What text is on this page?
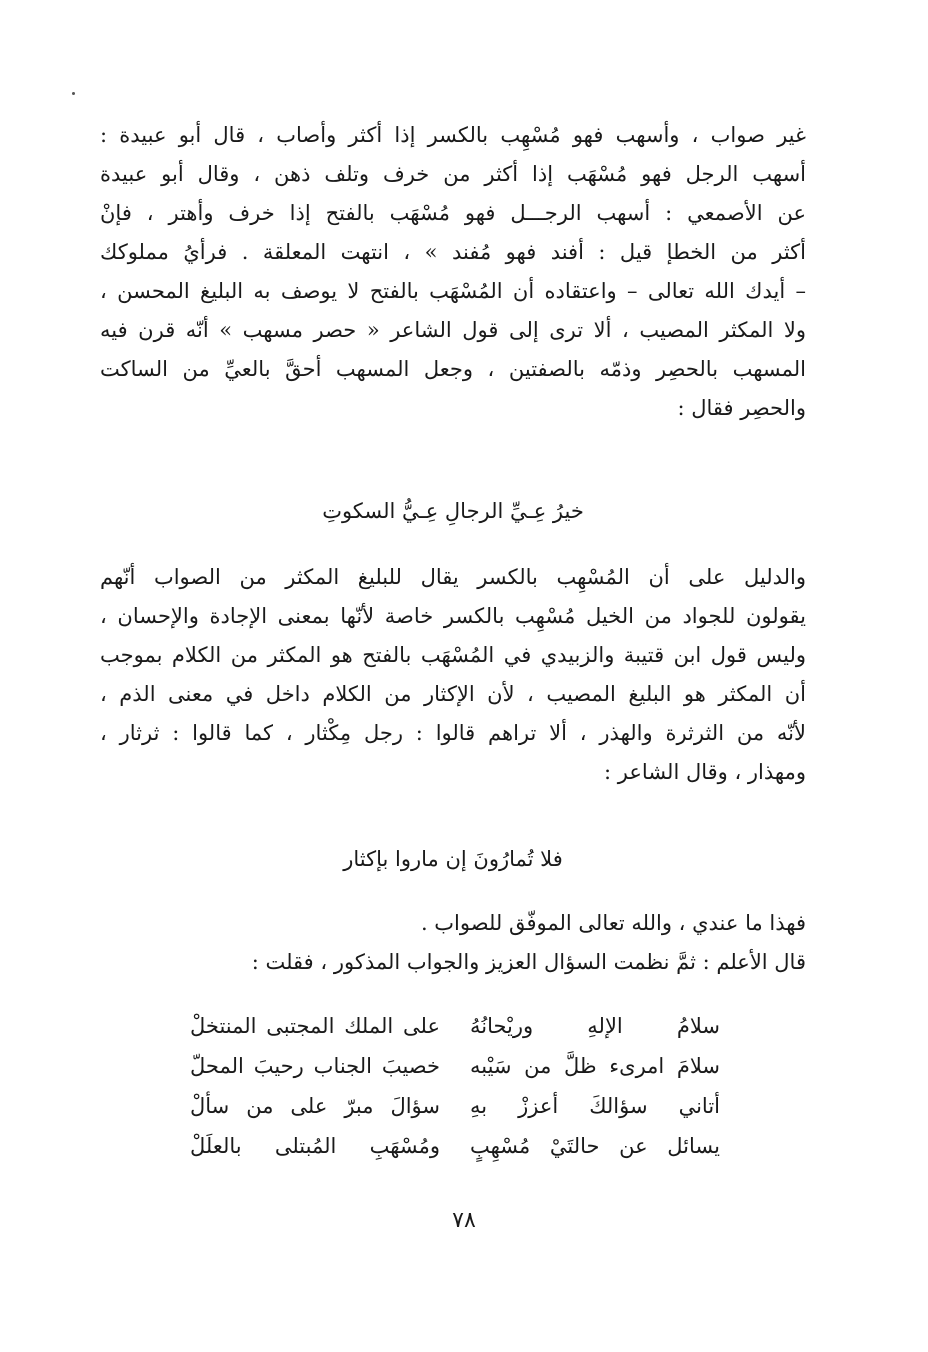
غير صواب ، وأسهب فهو مُسْهِب بالكسر إذا أكثر وأصاب ، قال أبو عبيدة :
أسهب الرجل فهو مُسْهَب إذا أكثر من خرف وتلف ذهن ، وقال أبو عبيدة
عن الأصمعي : أسهب الرجـــل فهو مُسْهَب بالفتح إذا خرف وأهتر ، فإنْ
أكثر من الخطإ قيل : أفند فهو مُفند » ، انتهت المعلقة . فرأيُ مملوكك
– أيدك الله تعالى – واعتقاده أن المُسْهَب بالفتح لا يوصف به البليغ المحسن ،
ولا المكثر المصيب ، ألا ترى إلى قول الشاعر « حصر مسهب » أنّه قرن فيه
المسهب بالحصِر وذمّه بالصفتين ، وجعل المسهب أحقَّ بالعيِّ من الساكت
والحصِر فقال :
خيرُ عِـيِّ الرجالِ عِـيُّ السكوتِ
والدليل على أن المُسْهِب بالكسر يقال للبليغ المكثر من الصواب أنّهم
يقولون للجواد من الخيل مُسْهِب بالكسر خاصة لأنّها بمعنى الإجادة والإحسان ،
وليس قول ابن قتيبة والزبيدي في المُسْهَب بالفتح هو المكثر من الكلام بموجب
أن المكثر هو البليغ المصيب ، لأن الإكثار من الكلام داخل في معنى الذم ،
لأنّه من الثرثرة والهذر ، ألا تراهم قالوا : رجل مِكْثار ، كما قالوا : ثرثار ،
ومهذار ، وقال الشاعر :
فلا تُمارُونَ إن ماروا بإكثار
فهذا ما عندي ، والله تعالى الموفّق للصواب .
قال الأعلم : ثمَّ نظمت السؤال العزيز والجواب المذكور ، فقلت :
سلامُ الإلهِ وريْحانُهُ
على الملك المجتبى المنتخلْ
سلامَ امرىء ظلَّ من سَيْبه
خصيبَ الجناب رحيبَ المحلّ
أتاني سؤالكَ أعززْ بهِ
سؤالَ مبرّ على من سألْ
يسائل عن حالتَيْ مُسْهِبٍ
ومُسْهَبِ المُبتلى بالعلَلْ
٧٨
